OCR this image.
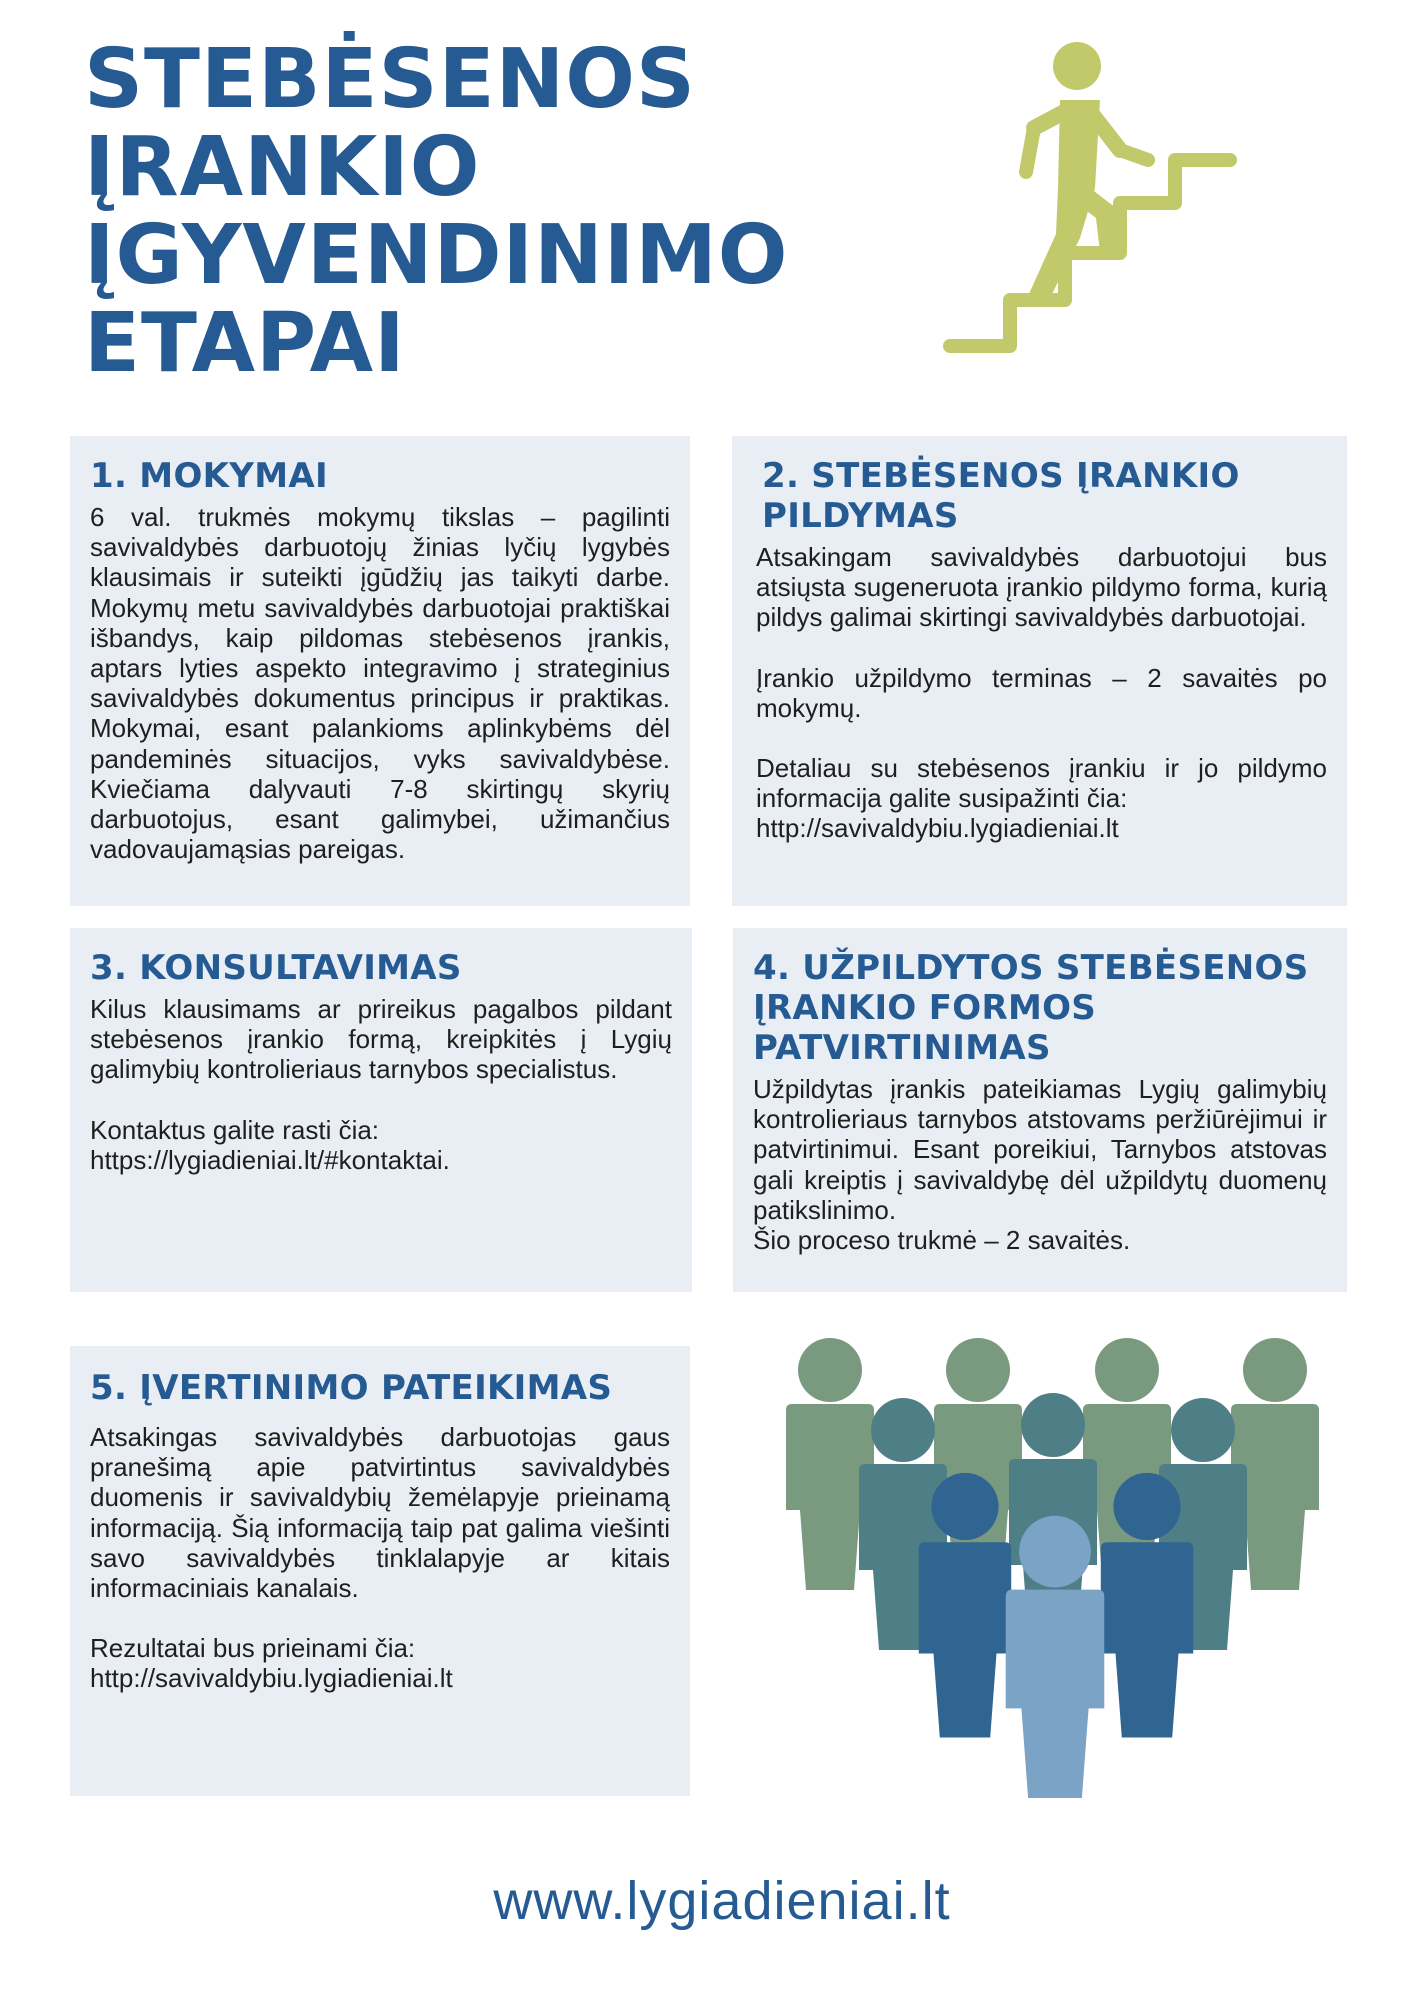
STEBĖSENOS
ĮRANKIO
ĮGYVENDINIMO
ETAPAI
1. MOKYMAI

6 val. trukmės mokymų tikslas – pagilinti savivaldybės darbuotojų žinias lyčių lygybės klausimais ir suteikti įgūdžių jas taikyti darbe. Mokymų metu savivaldybės darbuotojai praktiškai išbandys, kaip pildomas stebėsenos įrankis, aptars lyties aspekto integravimo į strateginius savivaldybės dokumentus principus ir praktikas. Mokymai, esant palankioms aplinkybėms dėl pandeminės situacijos, vyks savivaldybėse. Kviečiama dalyvauti 7-8 skirtingų skyrių darbuotojus, esant galimybei, užimančius vadovaujamąsias pareigas.

2. STEBĖSENOS ĮRANKIO PILDYMAS

Atsakingam savivaldybės darbuotojui bus atsiųsta sugeneruota įrankio pildymo forma, kurią pildys galimai skirtingi savivaldybės darbuotojai.

Įrankio užpildymo terminas – 2 savaitės po mokymų.

Detaliau su stebėsenos įrankiu ir jo pildymo informacija galite susipažinti čia:

http://savivaldybiu.lygiadieniai.lt

3. KONSULTAVIMAS

Kilus klausimams ar prireikus pagalbos pildant stebėsenos įrankio formą, kreipkitės į Lygių galimybių kontrolieriaus tarnybos specialistus.

Kontaktus galite rasti čia:

https://lygiadieniai.lt/#kontaktai.

4. UŽPILDYTOS STEBĖSENOS ĮRANKIO FORMOS PATVIRTINIMAS

Užpildytas įrankis pateikiamas Lygių galimybių kontrolieriaus tarnybos atstovams peržiūrėjimui ir patvirtinimui. Esant poreikiui, Tarnybos atstovas gali kreiptis į savivaldybę dėl užpildytų duomenų patikslinimo.

Šio proceso trukmė – 2 savaitės.

5. ĮVERTINIMO PATEIKIMAS

Atsakingas savivaldybės darbuotojas gaus pranešimą apie patvirtintus savivaldybės duomenis ir savivaldybių žemėlapyje prieinamą informaciją. Šią informaciją taip pat galima viešinti savo savivaldybės tinklalapyje ar kitais informaciniais kanalais.

Rezultatai bus prieinami čia:

http://savivaldybiu.lygiadieniai.lt

www.lygiadieniai.lt
